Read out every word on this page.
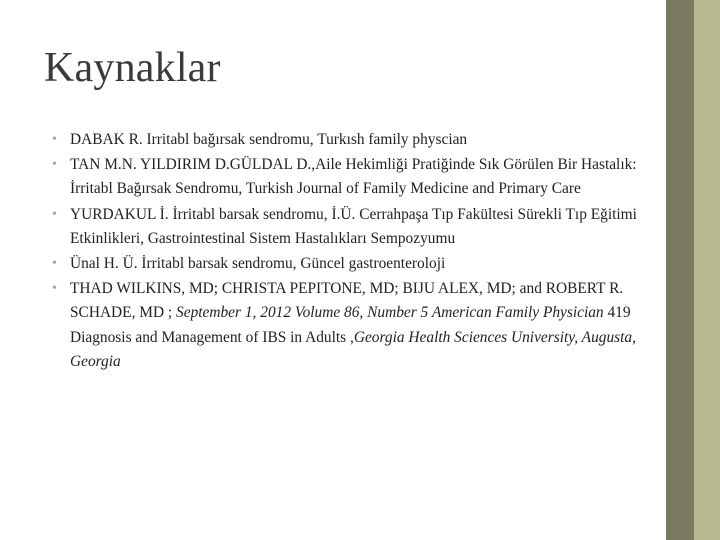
Kaynaklar
• DABAK R. Irritabl bağırsak sendromu, Turkısh family physcian
• TAN M.N. YILDIRIM D.GÜLDAL D.,Aile Hekimliği Pratiğinde Sık Görülen Bir Hastalık: İrritabl Bağırsak Sendromu, Turkish Journal of Family Medicine and Primary Care
• YURDAKUL İ. İrritabl barsak sendromu, İ.Ü. Cerrahpaşa Tıp Fakültesi Sürekli Tıp Eğitimi Etkinlikleri, Gastrointestinal Sistem Hastalıkları Sempozyumu
• Ünal H. Ü. İrritabl barsak sendromu, Güncel gastroenteroloji
• THAD WILKINS, MD; CHRISTA PEPITONE, MD; BIJU ALEX, MD; and ROBERT R. SCHADE, MD ; September 1, 2012 Volume 86, Number 5 American Family Physician 419 Diagnosis and Management of IBS in Adults ,Georgia Health Sciences University, Augusta, Georgia
